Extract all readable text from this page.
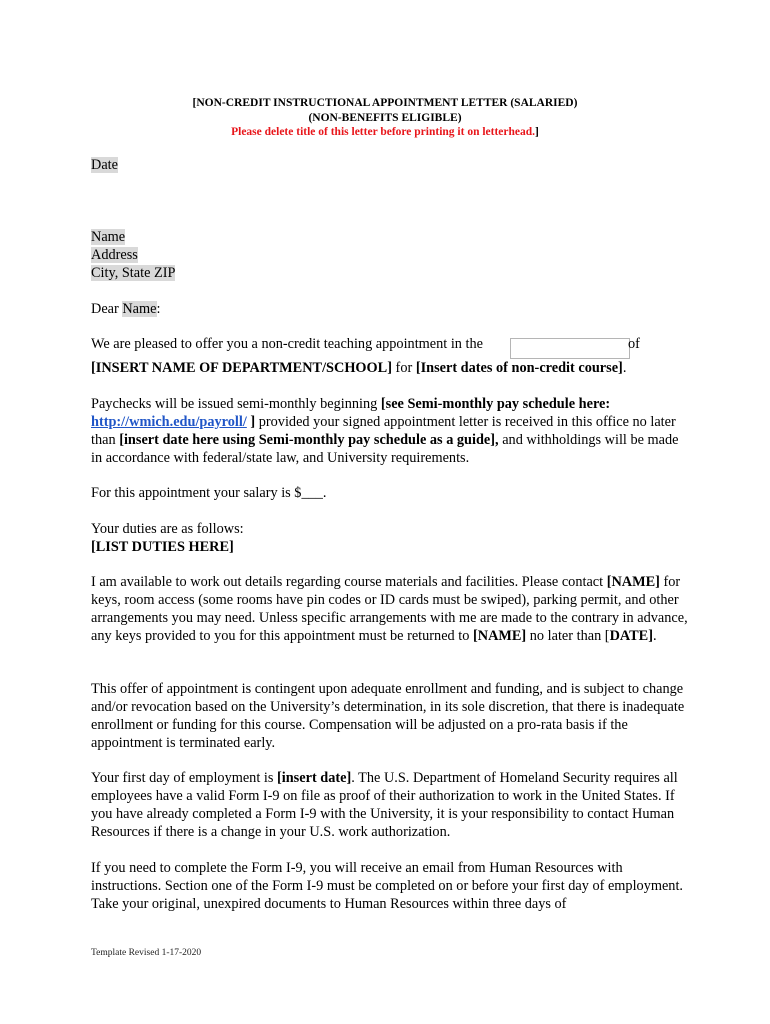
[NON-CREDIT INSTRUCTIONAL APPOINTMENT LETTER (SALARIED)
(NON-BENEFITS ELIGIBLE)
Please delete title of this letter before printing it on letterhead.]
Date
Name
Address
City, State ZIP
Dear Name:
We are pleased to offer you a non-credit teaching appointment in the	of
[INSERT NAME OF DEPARTMENT/SCHOOL] for [Insert dates of non-credit course].
Paychecks will be issued semi-monthly beginning [see Semi-monthly pay schedule here: http://wmich.edu/payroll/ ] provided your signed appointment letter is received in this office no later than [insert date here using Semi-monthly pay schedule as a guide], and withholdings will be made in accordance with federal/state law, and University requirements.
For this appointment your salary is $___.
Your duties are as follows:
[LIST DUTIES HERE]
I am available to work out details regarding course materials and facilities. Please contact [NAME] for keys, room access (some rooms have pin codes or ID cards must be swiped), parking permit, and other arrangements you may need. Unless specific arrangements with me are made to the contrary in advance, any keys provided to you for this appointment must be returned to [NAME] no later than [DATE].
This offer of appointment is contingent upon adequate enrollment and funding, and is subject to change and/or revocation based on the University’s determination, in its sole discretion, that there is inadequate enrollment or funding for this course. Compensation will be adjusted on a pro-rata basis if the appointment is terminated early.
Your first day of employment is [insert date]. The U.S. Department of Homeland Security requires all employees have a valid Form I-9 on file as proof of their authorization to work in the United States. If you have already completed a Form I-9 with the University, it is your responsibility to contact Human Resources if there is a change in your U.S. work authorization.
If you need to complete the Form I-9, you will receive an email from Human Resources with instructions. Section one of the Form I-9 must be completed on or before your first day of employment. Take your original, unexpired documents to Human Resources within three days of
Template Revised 1-17-2020
